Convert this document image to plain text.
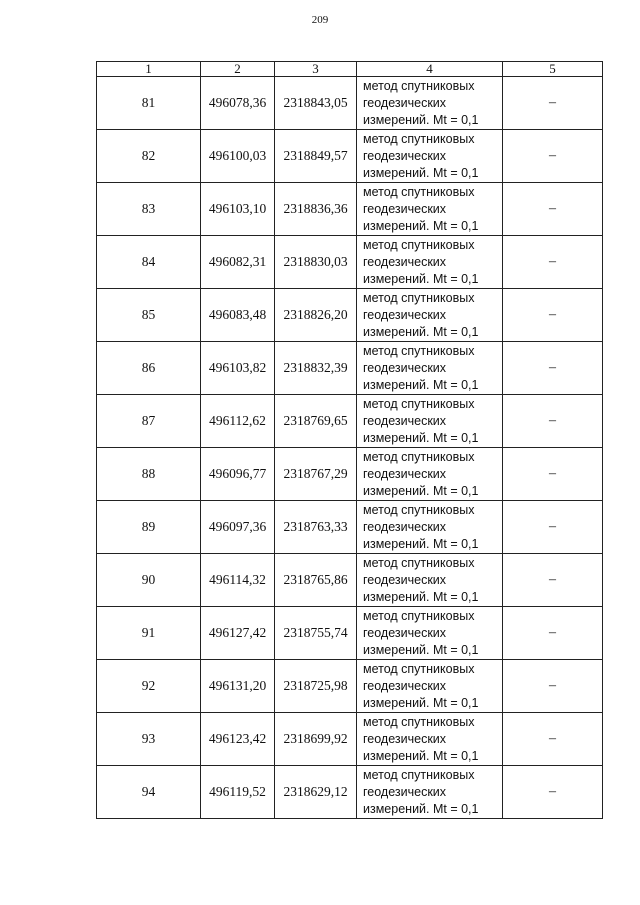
209
1	2	3	4	5
81	496078,36	2318843,05	метод спутниковых геодезических измерений. Mt = 0,1	–
82	496100,03	2318849,57	метод спутниковых геодезических измерений. Mt = 0,1	–
83	496103,10	2318836,36	метод спутниковых геодезических измерений. Mt = 0,1	–
84	496082,31	2318830,03	метод спутниковых геодезических измерений. Mt = 0,1	–
85	496083,48	2318826,20	метод спутниковых геодезических измерений. Mt = 0,1	–
86	496103,82	2318832,39	метод спутниковых геодезических измерений. Mt = 0,1	–
87	496112,62	2318769,65	метод спутниковых геодезических измерений. Mt = 0,1	–
88	496096,77	2318767,29	метод спутниковых геодезических измерений. Mt = 0,1	–
89	496097,36	2318763,33	метод спутниковых геодезических измерений. Mt = 0,1	–
90	496114,32	2318765,86	метод спутниковых геодезических измерений. Mt = 0,1	–
91	496127,42	2318755,74	метод спутниковых геодезических измерений. Mt = 0,1	–
92	496131,20	2318725,98	метод спутниковых геодезических измерений. Mt = 0,1	–
93	496123,42	2318699,92	метод спутниковых геодезических измерений. Mt = 0,1	–
94	496119,52	2318629,12	метод спутниковых геодезических измерений. Mt = 0,1	–
